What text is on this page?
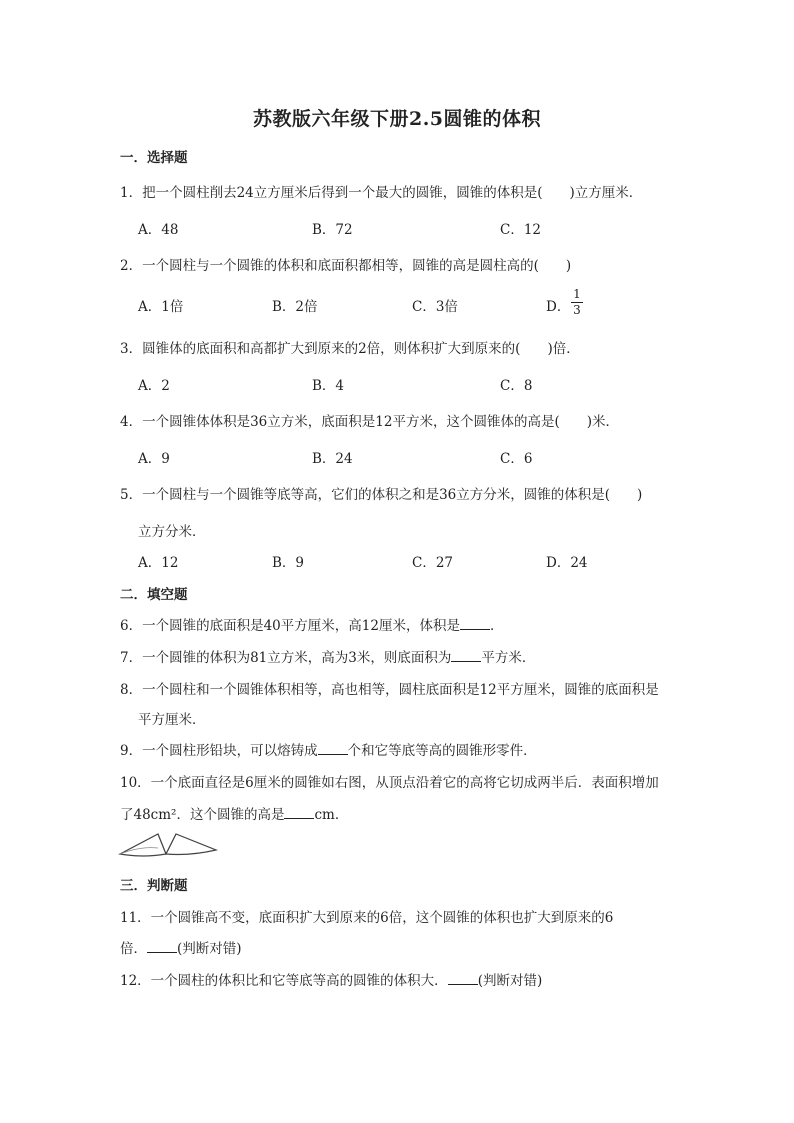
苏教版六年级下册2.5圆锥的体积
一．选择题
1．把一个圆柱削去24立方厘米后得到一个最大的圆锥，圆锥的体积是(　　)立方厘米．
A．48	B．72	C．12
2．一个圆柱与一个圆锥的体积和底面积都相等，圆锥的高是圆柱高的(　　)
A．1倍	B．2倍	C．3倍	D．
1
3
3．圆锥体的底面积和高都扩大到原来的2倍，则体积扩大到原来的(　　)倍．
A．2	B．4	C．8
4．一个圆锥体体积是36立方米，底面积是12平方米，这个圆锥体的高是(　　)米．
A．9	B．24	C．6
5．一个圆柱与一个圆锥等底等高，它们的体积之和是36立方分米，圆锥的体积是(　　)
立方分米．
A．12	B．9	C．27	D．24
二．填空题
6．一个圆锥的底面积是40平方厘米，高12厘米，体积是 ．
7．一个圆锥的体积为81立方米，高为3米，则底面积为 平方米．
8．一个圆柱和一个圆锥体积相等，高也相等，圆柱底面积是12平方厘米，圆锥的底面积是
平方厘米．
9．一个圆柱形铅块，可以熔铸成 个和它等底等高的圆锥形零件．
10．一个底面直径是6厘米的圆锥如右图，从顶点沿着它的高将它切成两半后．表面积增加
了48cm²．这个圆锥的高是 cm．
三．判断题
11．一个圆锥高不变，底面积扩大到原来的6倍，这个圆锥的体积也扩大到原来的6
倍． (判断对错)
12．一个圆柱的体积比和它等底等高的圆锥的体积大． (判断对错)
